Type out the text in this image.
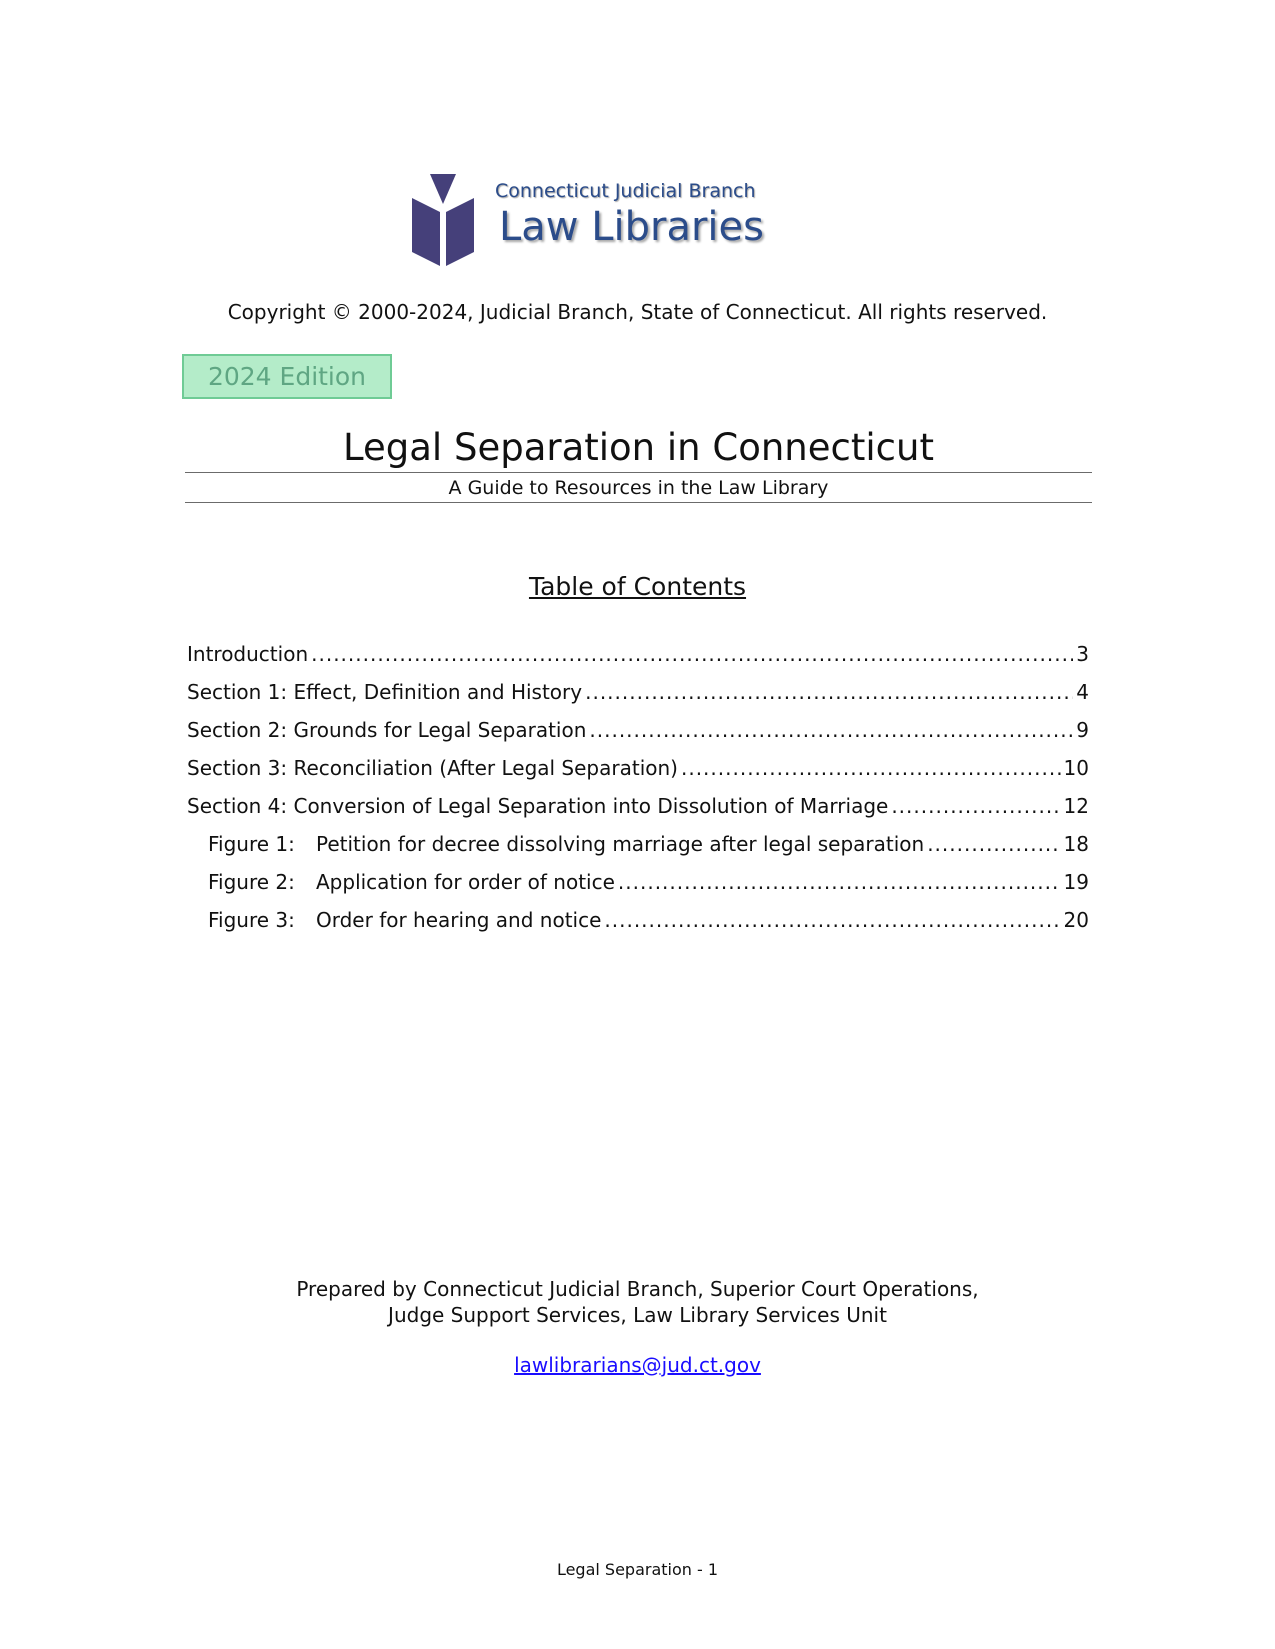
Connecticut Judicial Branch
Law Libraries
Copyright © 2000-2024, Judicial Branch, State of Connecticut. All rights reserved.
2024 Edition
Legal Separation in Connecticut
A Guide to Resources in the Law Library
Table of Contents
Introduction .....	3
Section 1: Effect, Definition and History .....	4
Section 2: Grounds for Legal Separation .....	9
Section 3: Reconciliation (After Legal Separation) .....	10
Section 4: Conversion of Legal Separation into Dissolution of Marriage .....	12
Figure 1: Petition for decree dissolving marriage after legal separation .....	18
Figure 2: Application for order of notice .....	19
Figure 3: Order for hearing and notice .....	20
Prepared by Connecticut Judicial Branch, Superior Court Operations,
Judge Support Services, Law Library Services Unit
lawlibrarians@jud.ct.gov
Legal Separation - 1
